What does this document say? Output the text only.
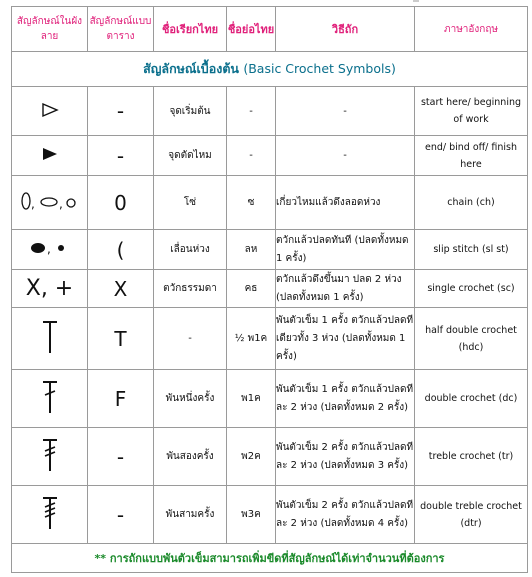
สัญลักษณ์ในผังลาย	สัญลักษณ์แบบตาราง	ชื่อเรียกไทย	ชื่อย่อไทย	วิธีถัก	ภาษาอังกฤษ
สัญลักษณ์เบื้องต้น (Basic Crochet Symbols)					
	-	จุดเริ่มต้น	-	-	start here/ beginning of work
	-	จุดตัดไหม	-	-	end/ bind off/ finish here

, ,	0	โซ่	ซ	เกี่ยวไหมแล้วดึงลอดห่วง	chain (ch)

,	(	เลื่อนห่วง	ลห	ตวักแล้วปลดทันที (ปลดทั้งหมด 1 ครั้ง)	slip stitch (sl st)
X, +	X	ตวักธรรมดา	คธ	ตวักแล้วดึงขึ้นมา ปลด 2 ห่วง (ปลดทั้งหมด 1 ครั้ง)	single crochet (sc)
	T	-	½ พ1ค	พันตัวเข็ม 1 ครั้ง ตวักแล้วปลดทีเดียวทั้ง 3 ห่วง (ปลดทั้งหมด 1 ครั้ง)	half double crochet (hdc)
	F	พันหนึ่งครั้ง	พ1ค	พันตัวเข็ม 1 ครั้ง ตวักแล้วปลดทีละ 2 ห่วง (ปลดทั้งหมด 2 ครั้ง)	double crochet (dc)
	-	พันสองครั้ง	พ2ค	พันตัวเข็ม 2 ครั้ง ตวักแล้วปลดทีละ 2 ห่วง (ปลดทั้งหมด 3 ครั้ง)	treble crochet (tr)
	-	พันสามครั้ง	พ3ค	พันตัวเข็ม 2 ครั้ง ตวักแล้วปลดทีละ 2 ห่วง (ปลดทั้งหมด 4 ครั้ง)	double treble crochet (dtr)
** การถักแบบพันตัวเข็มสามารถเพิ่มขีดที่สัญลักษณ์ได้เท่าจำนวนที่ต้องการ					
